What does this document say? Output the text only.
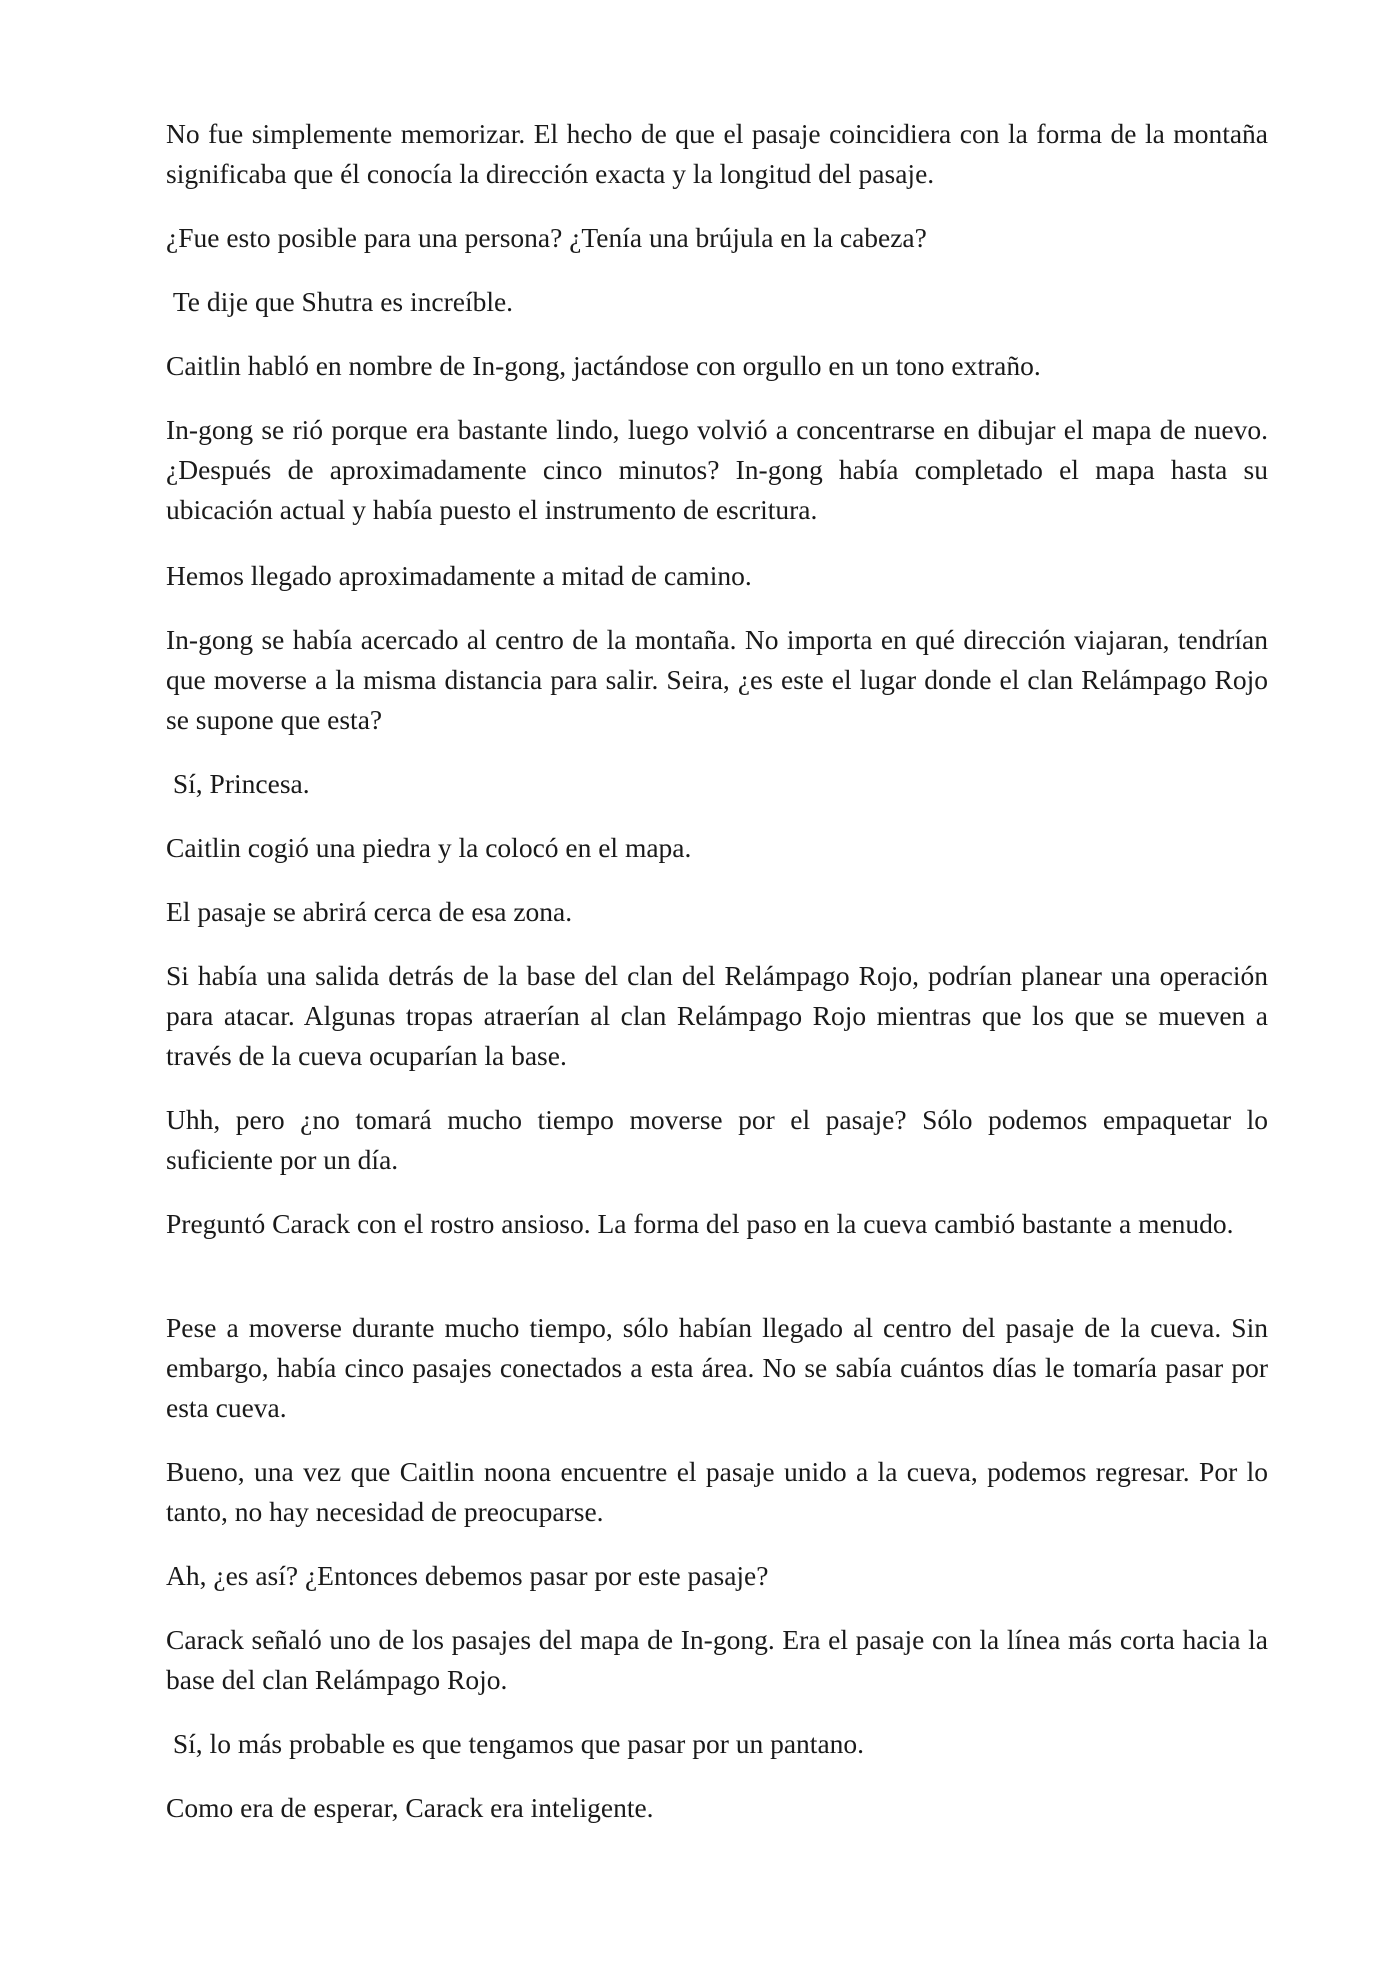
No fue simplemente memorizar. El hecho de que el pasaje coincidiera con la forma de la montaña significaba que él conocía la dirección exacta y la longitud del pasaje.

¿Fue esto posible para una persona? ¿Tenía una brújula en la cabeza?

Te dije que Shutra es increíble.

Caitlin habló en nombre de In-gong, jactándose con orgullo en un tono extraño.

In-gong se rió porque era bastante lindo, luego volvió a concentrarse en dibujar el mapa de nuevo. ¿Después de aproximadamente cinco minutos? In-gong había completado el mapa hasta su ubicación actual y había puesto el instrumento de escritura.

Hemos llegado aproximadamente a mitad de camino.

In-gong se había acercado al centro de la montaña. No importa en qué dirección viajaran, tendrían que moverse a la misma distancia para salir. Seira, ¿es este el lugar donde el clan Relámpago Rojo se supone que esta?

Sí, Princesa.

Caitlin cogió una piedra y la colocó en el mapa.

El pasaje se abrirá cerca de esa zona.

Si había una salida detrás de la base del clan del Relámpago Rojo, podrían planear una operación para atacar. Algunas tropas atraerían al clan Relámpago Rojo mientras que los que se mueven a través de la cueva ocuparían la base.

Uhh, pero ¿no tomará mucho tiempo moverse por el pasaje? Sólo podemos empaquetar lo suficiente por un día.

Preguntó Carack con el rostro ansioso. La forma del paso en la cueva cambió bastante a menudo.

Pese a moverse durante mucho tiempo, sólo habían llegado al centro del pasaje de la cueva. Sin embargo, había cinco pasajes conectados a esta área. No se sabía cuántos días le tomaría pasar por esta cueva.

Bueno, una vez que Caitlin noona encuentre el pasaje unido a la cueva, podemos regresar. Por lo tanto, no hay necesidad de preocuparse.

Ah, ¿es así? ¿Entonces debemos pasar por este pasaje?

Carack señaló uno de los pasajes del mapa de In-gong. Era el pasaje con la línea más corta hacia la base del clan Relámpago Rojo.

Sí, lo más probable es que tengamos que pasar por un pantano.

Como era de esperar, Carack era inteligente.
